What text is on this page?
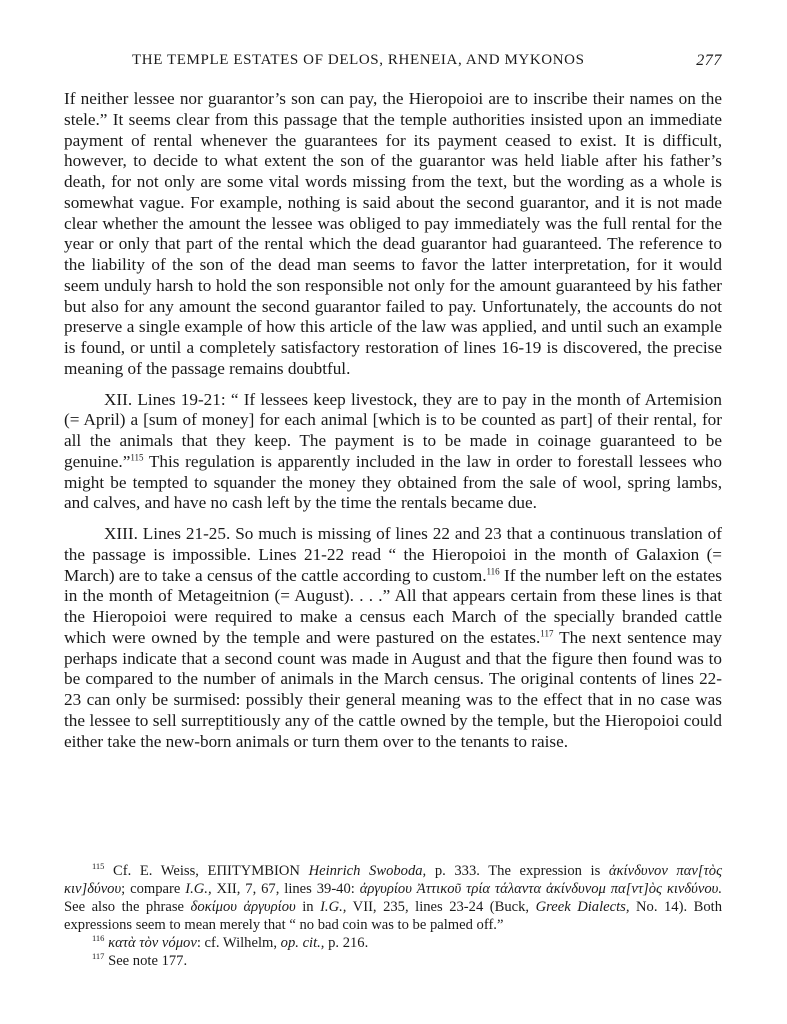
THE TEMPLE ESTATES OF DELOS, RHENEIA, AND MYKONOS	277

If neither lessee nor guarantor’s son can pay, the Hieropoioi are to inscribe their names on the stele.” It seems clear from this passage that the temple authorities insisted upon an immediate payment of rental whenever the guarantees for its payment ceased to exist. It is difficult, however, to decide to what extent the son of the guarantor was held liable after his father’s death, for not only are some vital words missing from the text, but the wording as a whole is somewhat vague. For example, nothing is said about the second guarantor, and it is not made clear whether the amount the lessee was obliged to pay immediately was the full rental for the year or only that part of the rental which the dead guarantor had guaranteed. The reference to the liability of the son of the dead man seems to favor the latter interpretation, for it would seem unduly harsh to hold the son responsible not only for the amount guaranteed by his father but also for any amount the second guarantor failed to pay. Unfortunately, the accounts do not preserve a single example of how this article of the law was applied, and until such an example is found, or until a completely satisfactory restoration of lines 16-19 is discovered, the precise meaning of the passage remains doubtful.

XII. Lines 19-21: “ If lessees keep livestock, they are to pay in the month of Artemision (= April) a [sum of money] for each animal [which is to be counted as part] of their rental, for all the animals that they keep. The payment is to be made in coinage guaranteed to be genuine.”$^{115}$ This regulation is apparently included in the law in order to forestall lessees who might be tempted to squander the money they obtained from the sale of wool, spring lambs, and calves, and have no cash left by the time the rentals became due.

XIII. Lines 21-25. So much is missing of lines 22 and 23 that a continuous translation of the passage is impossible. Lines 21-22 read “ the Hieropoioi in the month of Galaxion (= March) are to take a census of the cattle according to custom.$^{116}$ If the number left on the estates in the month of Metageitnion (= August). . . .” All that appears certain from these lines is that the Hieropoioi were required to make a census each March of the specially branded cattle which were owned by the temple and were pastured on the estates.$^{117}$ The next sentence may perhaps indicate that a second count was made in August and that the figure then found was to be compared to the number of animals in the March census. The original contents of lines 22-23 can only be surmised: possibly their general meaning was to the effect that in no case was the lessee to sell surreptitiously any of the cattle owned by the temple, but the Hieropoioi could either take the new-born animals or turn them over to the tenants to raise.

$^{115}$ Cf. E. Weiss, ΕΠΙΤΥΜΒΙΟΝ Heinrich Swoboda, p. 333. The expression is ἀκίνδυνον παν[τὸς κιν]δύνου; compare I.G., XII, 7, 67, lines 39-40: ἀργυρίου Ἀττικοῦ τρία τάλαντα ἀκίνδυνομ πα[ντ]ὸς κινδύνου. See also the phrase δοκίμου ἀργυρίου in I.G., VII, 235, lines 23-24 (Buck, Greek Dialects, No. 14). Both expressions seem to mean merely that “ no bad coin was to be palmed off.”

$^{116}$ κατὰ τὸν νόμον: cf. Wilhelm, op. cit., p. 216.

$^{117}$ See note 177.
